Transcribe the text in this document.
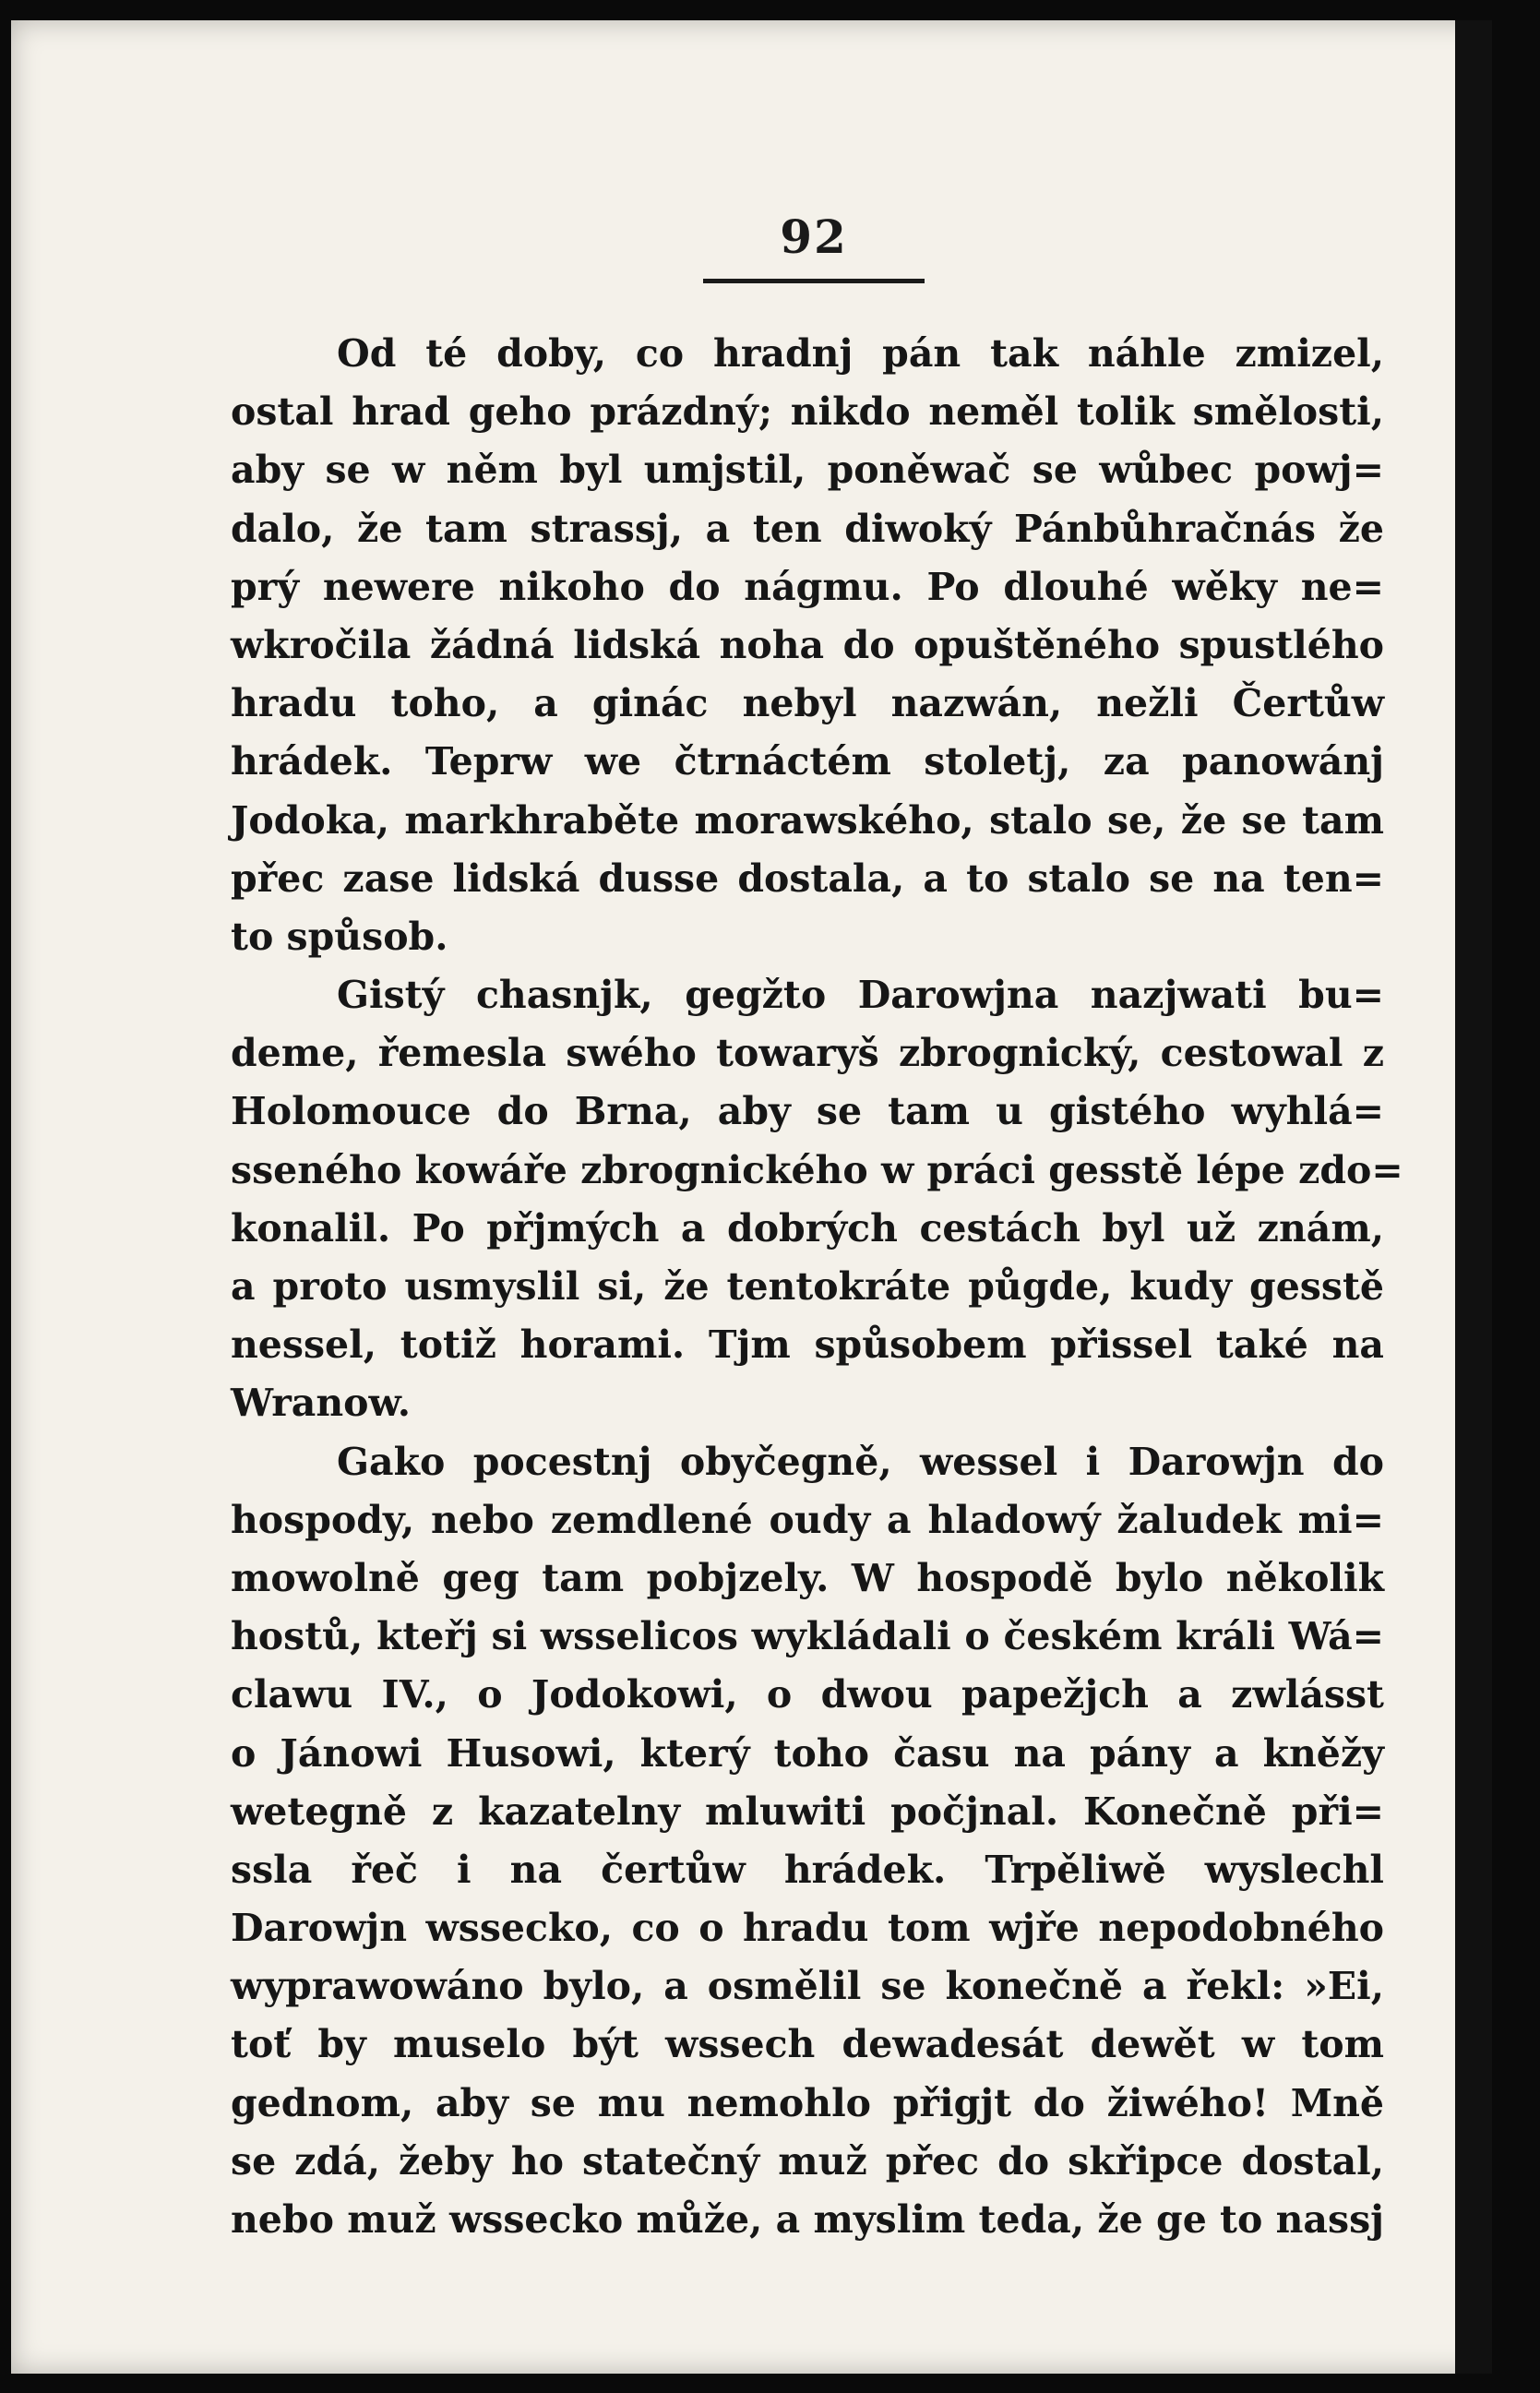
92
Od té doby, co hradnj pán tak náhle zmizel,
ostal hrad geho prázdný; nikdo neměl tolik smělosti,
aby se w něm byl umjstil, poněwač se wůbec powj=
dalo, že tam strassj, a ten diwoký Pánbůhračnás že
prý newere nikoho do nágmu. Po dlouhé wěky ne=
wkročila žádná lidská noha do opuštěného spustlého
hradu toho, a ginác nebyl nazwán, nežli Čertůw
hrádek. Teprw we čtrnáctém stoletj, za panowánj
Jodoka, markhraběte morawského, stalo se, že se tam
přec zase lidská dusse dostala, a to stalo se na ten=
to spůsob.
Gistý chasnjk, gegžto Darowjna nazjwati bu=
deme, řemesla swého towaryš zbrognický, cestowal z
Holomouce do Brna, aby se tam u gistého wyhlá=
sseného kowáře zbrognického w práci gesstě lépe zdo=
konalil. Po přjmých a dobrých cestách byl už znám,
a proto usmyslil si, že tentokráte půgde, kudy gesstě
nessel, totiž horami. Tjm spůsobem přissel také na
Wranow.
Gako pocestnj obyčegně, wessel i Darowjn do
hospody, nebo zemdlené oudy a hladowý žaludek mi=
mowolně geg tam pobjzely. W hospodě bylo několik
hostů, kteřj si wsselicos wykládali o českém králi Wá=
clawu IV., o Jodokowi, o dwou papežjch a zwlásst
o Jánowi Husowi, který toho času na pány a kněžy
wetegně z kazatelny mluwiti počjnal. Konečně při=
ssla řeč i na čertůw hrádek. Trpěliwě wyslechl
Darowjn wssecko, co o hradu tom wjře nepodobného
wyprawowáno bylo, a osmělil se konečně a řekl: »Ei,
toť by muselo být wssech dewadesát dewět w tom
gednom, aby se mu nemohlo přigjt do žiwého! Mně
se zdá, žeby ho statečný muž přec do skřipce dostal,
nebo muž wssecko může, a myslim teda, že ge to nassj
